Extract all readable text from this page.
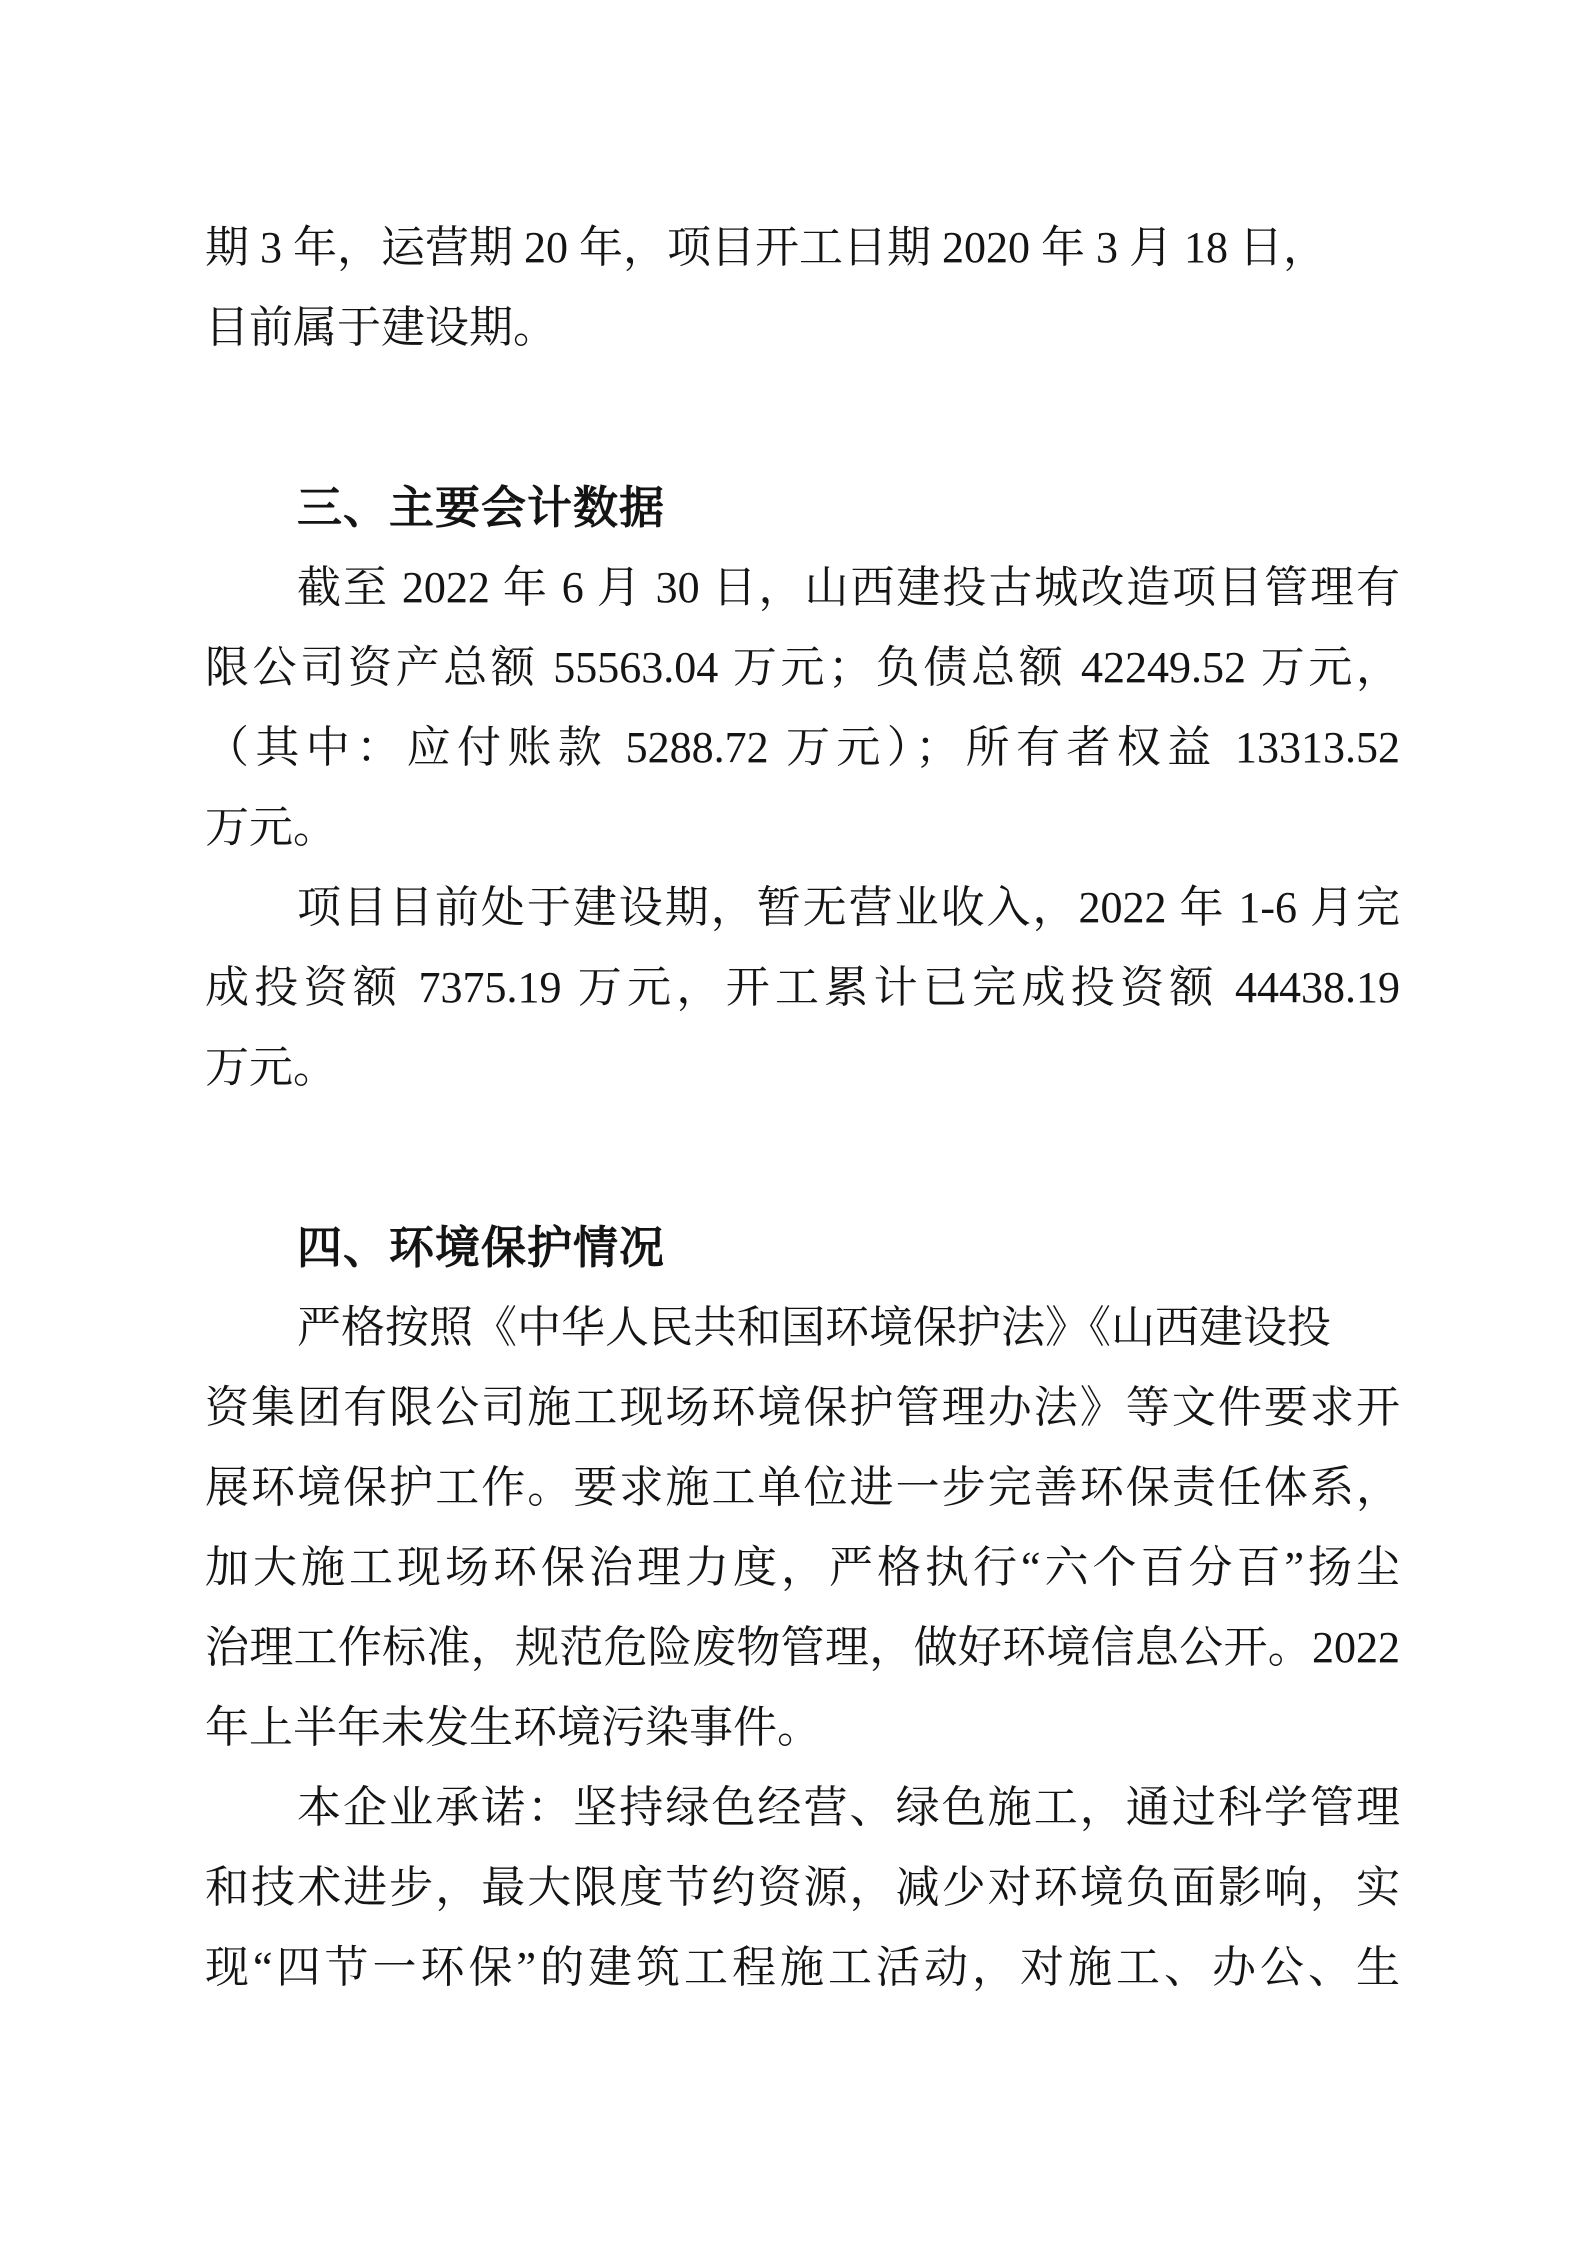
期 3 年，运营期 20 年，项目开工日期 2020 年 3 月 18 日，
目前属于建设期。
三、主要会计数据
截至 2022 年 6 月 30 日，山西建投古城改造项目管理有
限公司资产总额 55563.04 万元；负债总额 42249.52 万元，
（其中：应付账款 5288.72 万元）；所有者权益 13313.52
万元。
项目目前处于建设期，暂无营业收入，2022 年 1-6 月完
成投资额 7375.19 万元，开工累计已完成投资额 44438.19
万元。
四、环境保护情况
严格按照《中华人民共和国环境保护法》《山西建设投
资集团有限公司施工现场环境保护管理办法》等文件要求开
展环境保护工作。要求施工单位进一步完善环保责任体系，
加大施工现场环保治理力度，严格执行“六个百分百”扬尘
治理工作标准，规范危险废物管理，做好环境信息公开。2022
年上半年未发生环境污染事件。
本企业承诺：坚持绿色经营、绿色施工，通过科学管理
和技术进步，最大限度节约资源，减少对环境负面影响，实
现“四节一环保”的建筑工程施工活动，对施工、办公、生
